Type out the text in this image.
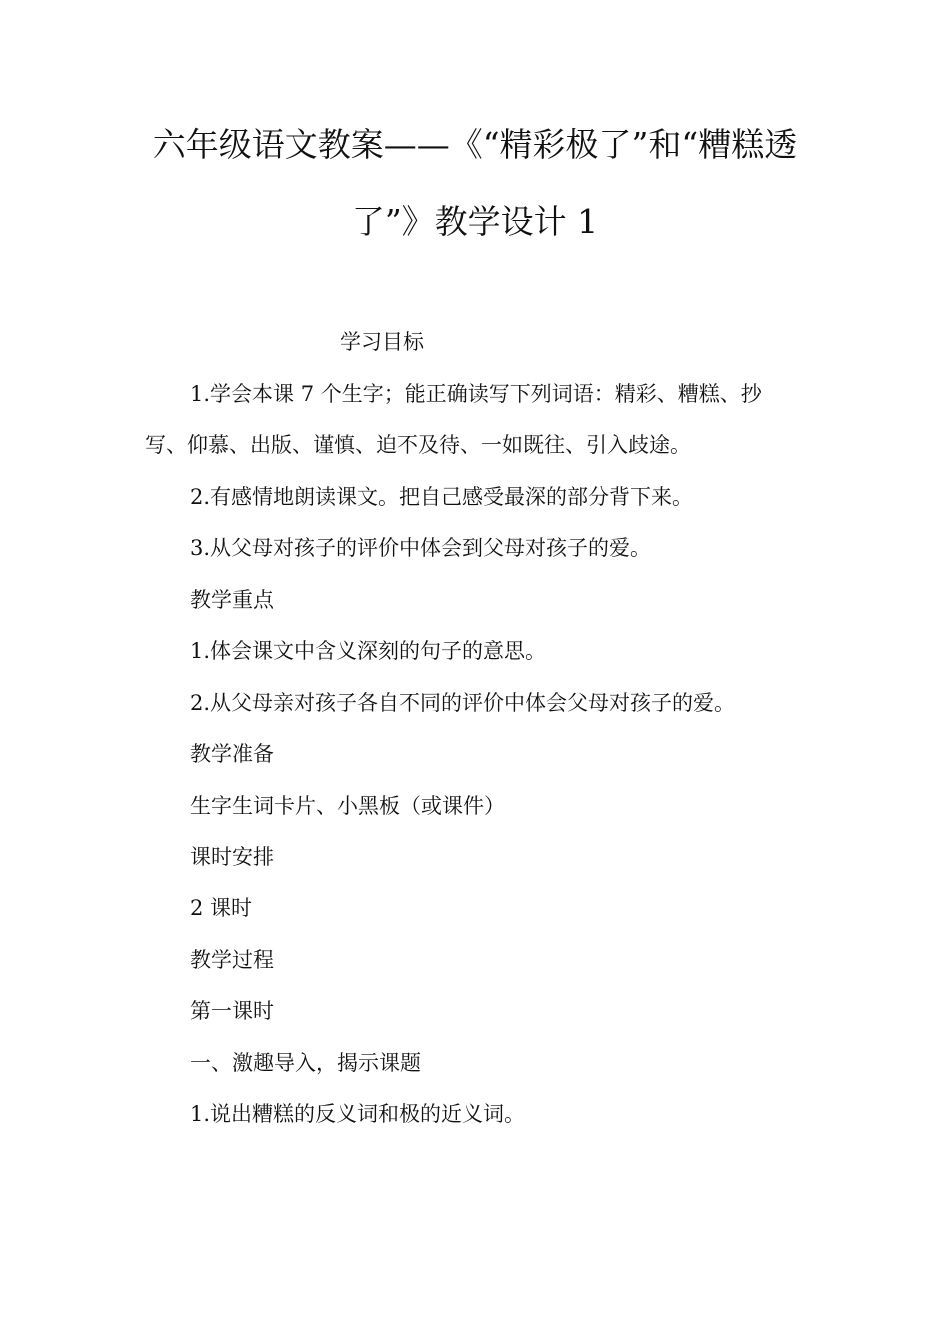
六年级语文教案——《“精彩极了”和“糟糕透
了”》教学设计 1
学习目标
1.学会本课 7 个生字；能正确读写下列词语：精彩、糟糕、抄
写、仰慕、出版、谨慎、迫不及待、一如既往、引入歧途。
2.有感情地朗读课文。把自己感受最深的部分背下来。
3.从父母对孩子的评价中体会到父母对孩子的爱。
教学重点
1.体会课文中含义深刻的句子的意思。
2.从父母亲对孩子各自不同的评价中体会父母对孩子的爱。
教学准备
生字生词卡片、小黑板（或课件）
课时安排
2 课时
教学过程
第一课时
一、激趣导入，揭示课题
1.说出糟糕的反义词和极的近义词。
